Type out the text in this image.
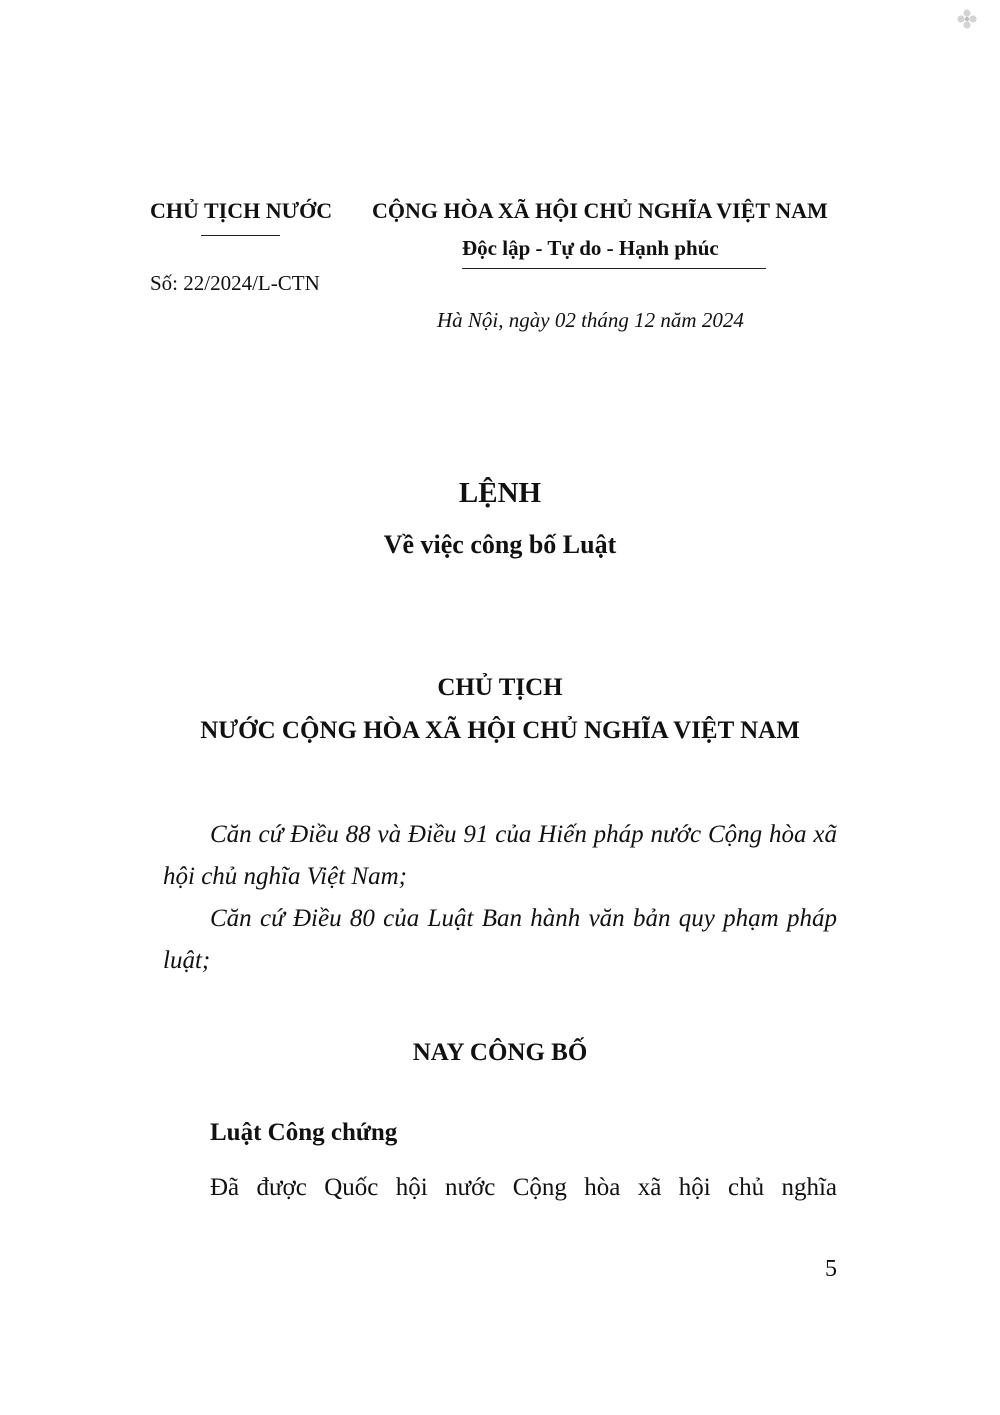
CHỦ TỊCH NƯỚC
Số: 22/2024/L-CTN
CỘNG HÒA XÃ HỘI CHỦ NGHĨA VIỆT NAM
Độc lập - Tự do - Hạnh phúc
Hà Nội, ngày 02 tháng 12 năm 2024
LỆNH
Về việc công bố Luật
CHỦ TỊCH
NƯỚC CỘNG HÒA XÃ HỘI CHỦ NGHĨA VIỆT NAM

Căn cứ Điều 88 và Điều 91 của Hiến pháp nước Cộng hòa xã hội chủ nghĩa Việt Nam;

Căn cứ Điều 80 của Luật Ban hành văn bản quy phạm pháp luật;

NAY CÔNG BỐ
Luật Công chứng
Đã được Quốc hội nước Cộng hòa xã hội chủ nghĩa
5
